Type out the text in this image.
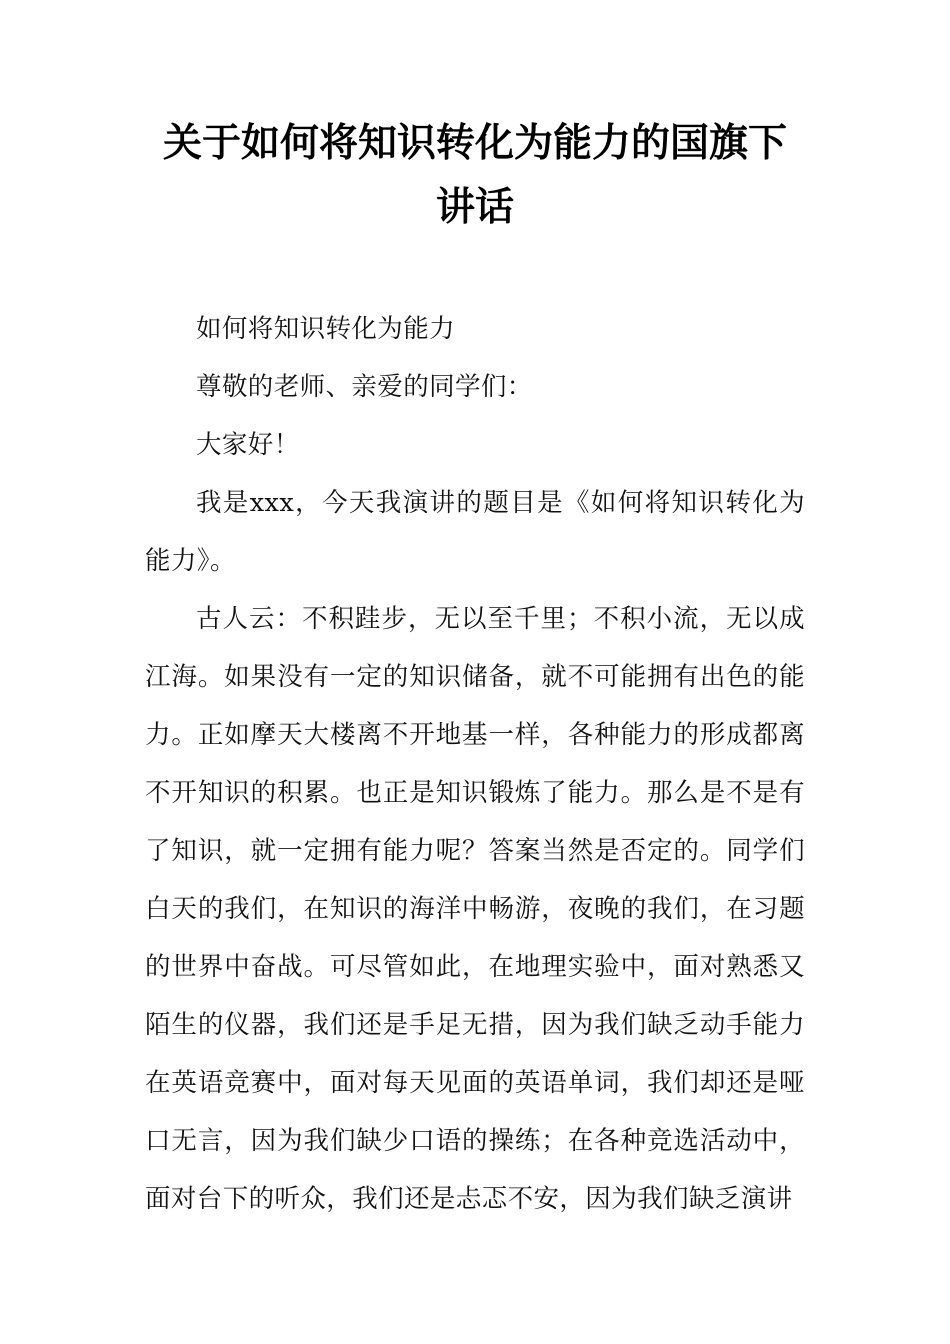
关于如何将知识转化为能力的国旗下讲话

如何将知识转化为能力

尊敬的老师、亲爱的同学们：

大家好！

我是xxx，今天我演讲的题目是《如何将知识转化为能力》。

古人云：不积跬步，无以至千里；不积小流，无以成江海。如果没有一定的知识储备，就不可能拥有出色的能力。正如摩天大楼离不开地基一样，各种能力的形成都离不开知识的积累。也正是知识锻炼了能力。那么是不是有了知识，就一定拥有能力呢？答案当然是否定的。同学们白天的我们，在知识的海洋中畅游，夜晚的我们，在习题的世界中奋战。可尽管如此，在地理实验中，面对熟悉又陌生的仪器，我们还是手足无措，因为我们缺乏动手能力在英语竞赛中，面对每天见面的英语单词，我们却还是哑口无言，因为我们缺少口语的操练；在各种竞选活动中，面对台下的听众，我们还是忐忑不安，因为我们缺乏演讲
